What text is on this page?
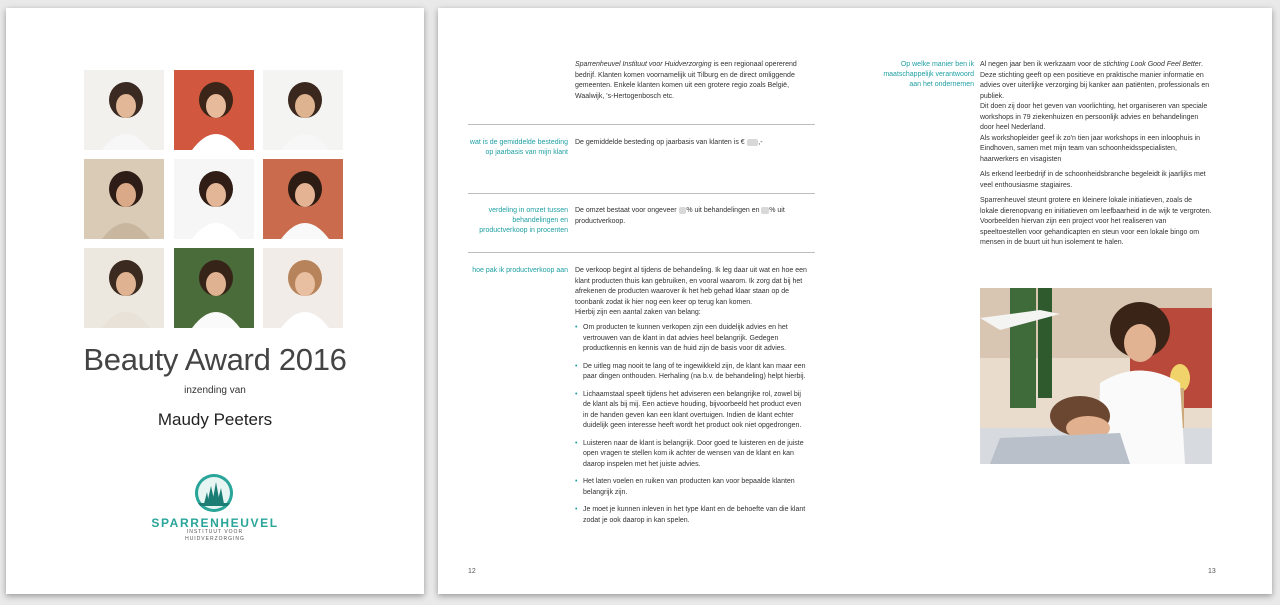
Beauty Award 2016
inzending van
Maudy Peeters
SPARRENHEUVEL
INSTITUUT VOOR
HUIDVERZORGING
Sparrenheuvel Instituut voor Huidverzorging is een regionaal opererend bedrijf. Klanten komen voornamelijk uit Tilburg en de direct omliggende gemeenten. Enkele klanten komen uit een grotere regio zoals België, Waalwijk, 's-Hertogenbosch etc.
wat is de gemiddelde besteding op jaarbasis van mijn klant
De gemiddelde besteding op jaarbasis van klanten is € ,-
verdeling in omzet tussen behandelingen en productverkoop in procenten
De omzet bestaat voor ongeveer % uit behandelingen en % uit productverkoop.
hoe pak ik productverkoop aan De verkoop begint al tijdens de behandeling. Ik leg daar uit wat en hoe een klant producten thuis kan gebruiken, en vooral waarom. Ik zorg dat bij het afrekenen de producten waarover ik het heb gehad klaar staan op de toonbank zodat ik hier nog een keer op terug kan komen.
Hierbij zijn een aantal zaken van belang:
• Om producten te kunnen verkopen zijn een duidelijk advies en het vertrouwen van de klant in dat advies heel belangrijk. Gedegen productkennis en kennis van de huid zijn de basis voor dit advies.
• De uitleg mag nooit te lang of te ingewikkeld zijn, de klant kan maar een paar dingen onthouden. Herhaling (na b.v. de behandeling) helpt hierbij.
• Lichaamstaal speelt tijdens het adviseren een belangrijke rol, zowel bij de klant als bij mij. Een actieve houding, bijvoorbeeld het product even in de handen geven kan een klant overtuigen. Indien de klant echter duidelijk geen interesse heeft wordt het product ook niet opgedrongen.
• Luisteren naar de klant is belangrijk. Door goed te luisteren en de juiste open vragen te stellen kom ik achter de wensen van de klant en kan daarop inspelen met het juiste advies.
• Het laten voelen en ruiken van producten kan voor bepaalde klanten belangrijk zijn.
• Je moet je kunnen inleven in het type klant en de behoefte van die klant zodat je ook daarop in kan spelen.
12
Op welke manier ben ik maatschappelijk verantwoord aan het ondernemen
Al negen jaar ben ik werkzaam voor de stichting Look Good Feel Better. Deze stichting geeft op een positieve en praktische manier informatie en advies over uiterlijke verzorging bij kanker aan patiënten, professionals en publiek.
Dit doen zij door het geven van voorlichting, het organiseren van speciale workshops in 79 ziekenhuizen en persoonlijk advies en behandelingen door heel Nederland.

Als workshopleider geef ik zo'n tien jaar workshops in een inloophuis in Eindhoven, samen met mijn team van schoonheidsspecialisten, haarwerkers en visagisten

Als erkend leerbedrijf in de schoonheidsbranche begeleidt ik jaarlijks met veel enthousiasme stagiaires.

Sparrenheuvel steunt grotere en kleinere lokale initiatieven, zoals de lokale dierenopvang en initiatieven om leefbaarheid in de wijk te vergroten. Voorbeelden hiervan zijn een project voor het realiseren van speeltoestellen voor gehandicapten en steun voor een lokale bingo om mensen in de buurt uit hun isolement te halen.

13
